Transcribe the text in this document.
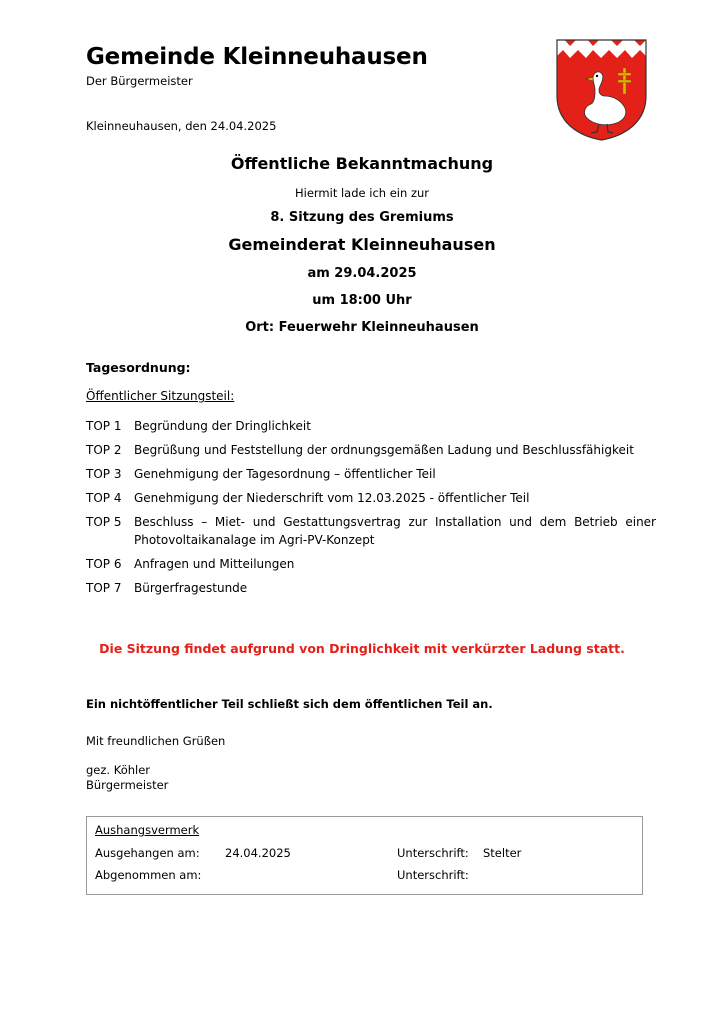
Gemeinde Kleinneuhausen
Der Bürgermeister
Kleinneuhausen, den 24.04.2025
Öffentliche Bekanntmachung
Hiermit lade ich ein zur
8. Sitzung des Gremiums
Gemeinderat Kleinneuhausen
am 29.04.2025
um 18:00 Uhr
Ort: Feuerwehr Kleinneuhausen
Tagesordnung:
Öffentlicher Sitzungsteil:
TOP 1	Begründung der Dringlichkeit
TOP 2	Begrüßung und Feststellung der ordnungsgemäßen Ladung und Beschlussfähigkeit
TOP 3	Genehmigung der Tagesordnung – öffentlicher Teil
TOP 4	Genehmigung der Niederschrift vom 12.03.2025 - öffentlicher Teil
TOP 5	Beschluss – Miet- und Gestattungsvertrag zur Installation und dem Betrieb einer Photovoltaikanalage im Agri-PV-Konzept
TOP 6	Anfragen und Mitteilungen
TOP 7	Bürgerfragestunde
Die Sitzung findet aufgrund von Dringlichkeit mit verkürzter Ladung statt.
Ein nichtöffentlicher Teil schließt sich dem öffentlichen Teil an.
Mit freundlichen Grüßen
gez. Köhler
Bürgermeister
Aushangsvermerk
Ausgehangen am: 24.04.2025	Unterschrift: Stelter
Abgenommen am:	Unterschrift:
